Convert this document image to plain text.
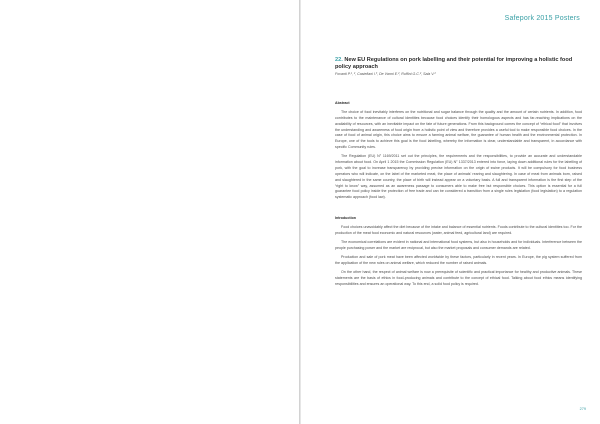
Safepork 2015 Posters

22. New EU Regulations on pork labelling and their potential for improving a holistic food policy approach

Fovanti P.¹, ², Castellani I.³, De Vanni E.², Ruffini G.C.², Sala V.²
Abstract

The choice of food inevitably interferes on the nutritional and sugar balance through the quality and the amount of certain nutrients. In addition, food contributes to the maintenance of cultural identities because food choices identify their homologous aspects and has far-reaching implications on the availability of resources, with an inevitable impact on the fate of future generations. From this background comes the concept of “ethical food” that involves the understanding and awareness of food origin from a holistic point of view and therefore provides a useful tool to make responsible food choices. In the case of food of animal origin, this choice aims to ensure a farming animal welfare, the guarantee of human health and the environmental protection. In Europe, one of the tools to achieve this goal is the food labelling, whereby the information is clear, understandable and transparent, in accordance with specific Community rules.

The Regulation (EU) N° 1169/2011 set out the principles, the requirements and the responsibilities, to provide an accurate and understandable information about food. On April 1 2015 the Commission Regulation (EU) N° 1337/2013 entered into force, laying down additional rules for the labelling of pork, with the goal to increase transparency by providing precise information on the origin of swine products. It will be compulsory for food business operators who will indicate, on the label of the marketed meat, the place of animals’ rearing and slaughtering. In case of meat from animals born, raised and slaughtered in the same country, the place of birth will instead appear on a voluntary basis. A full and transparent information is the first step of the “right to know” way, assumed as an awareness passage to consumers able to make free but responsible choices. This option is essential for a full guarantee food policy inside the protection of free trade and can be considered a transition from a single rules legislation (food legislation) to a regulation systematic approach (food law).

Introduction

Food choices unavoidably affect the diet because of the intake and balance of essential nutrients. Foods contribute to the cultural identities too. For the production of the meat food economic and natural resources (water, animal feed, agricultural land) are required.

The economical correlations are evident in national and international food systems, but also in households and for individuals. Interference between the people purchasing power and the market are reciprocal, but also the market proposals and consumer demands are related.

Production and sale of pork meat have been affected worldwide by these factors, particularly in recent years. In Europe, the pig system suffered from the application of the new rules on animal welfare, which reduced the number of raised animals.

On the other hand, the respect of animal welfare is now a prerequisite of scientific and practical importance for healthy and productive animals. These statements are the basis of ethics in food-producing animals and contribute to the concept of ethical food. Talking about food ethics means identifying responsibilities and ensures an operational way. To this end, a solid food policy is required.

279
